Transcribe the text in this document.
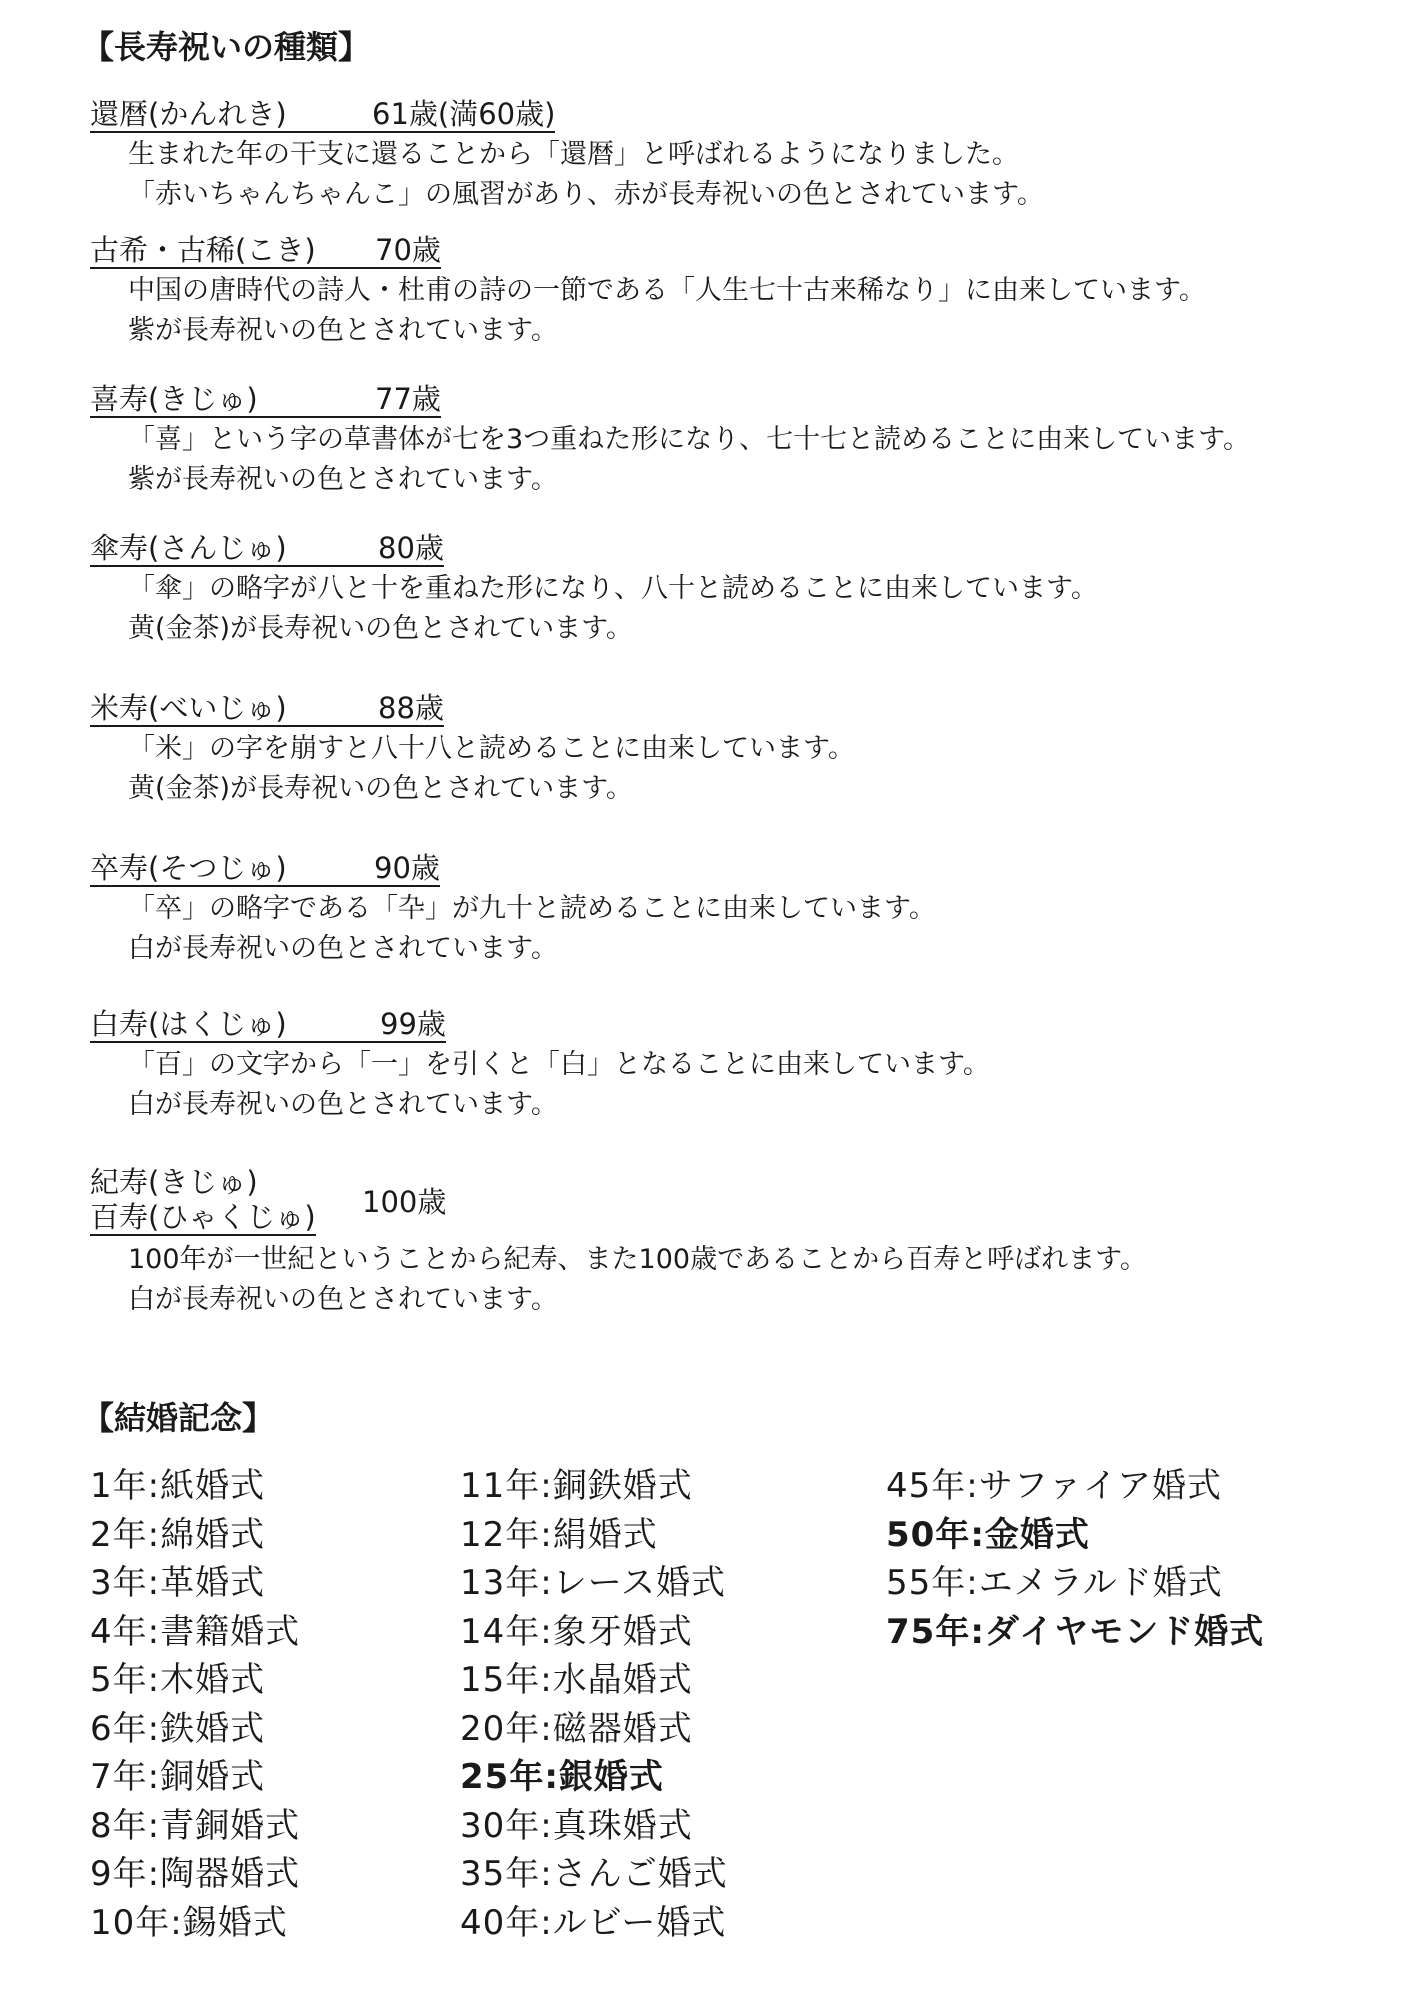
【長寿祝いの種類】
還暦(かんれき)	61歳(満60歳)
生まれた年の干支に還ることから「還暦」と呼ばれるようになりました。
「赤いちゃんちゃんこ」の風習があり、赤が長寿祝いの色とされています。
古希・古稀(こき) 70歳
中国の唐時代の詩人・杜甫の詩の一節である「人生七十古来稀なり」に由来しています。
紫が長寿祝いの色とされています。
喜寿(きじゅ)	77歳
「喜」という字の草書体が七を3つ重ねた形になり、七十七と読めることに由来しています。
紫が長寿祝いの色とされています。
傘寿(さんじゅ)	80歳
「傘」の略字が八と十を重ねた形になり、八十と読めることに由来しています。
黄(金茶)が長寿祝いの色とされています。
米寿(べいじゅ)	88歳
「米」の字を崩すと八十八と読めることに由来しています。
黄(金茶)が長寿祝いの色とされています。
卒寿(そつじゅ)	90歳
「卒」の略字である「卆」が九十と読めることに由来しています。
白が長寿祝いの色とされています。
白寿(はくじゅ)	99歳
「百」の文字から「一」を引くと「白」となることに由来しています。
白が長寿祝いの色とされています。
紀寿(きじゅ)
百寿(ひゃくじゅ) 100歳
100年が一世紀ということから紀寿、また100歳であることから百寿と呼ばれます。
白が長寿祝いの色とされています。
【結婚記念】
1年:紙婚式
2年:綿婚式
3年:革婚式
4年:書籍婚式
5年:木婚式
6年:鉄婚式
7年:銅婚式
8年:青銅婚式
9年:陶器婚式
10年:錫婚式
11年:銅鉄婚式
12年:絹婚式
13年:レース婚式
14年:象牙婚式
15年:水晶婚式
20年:磁器婚式
25年:銀婚式
30年:真珠婚式
35年:さんご婚式
40年:ルビー婚式
45年:サファイア婚式
50年:金婚式
55年:エメラルド婚式
75年:ダイヤモンド婚式
